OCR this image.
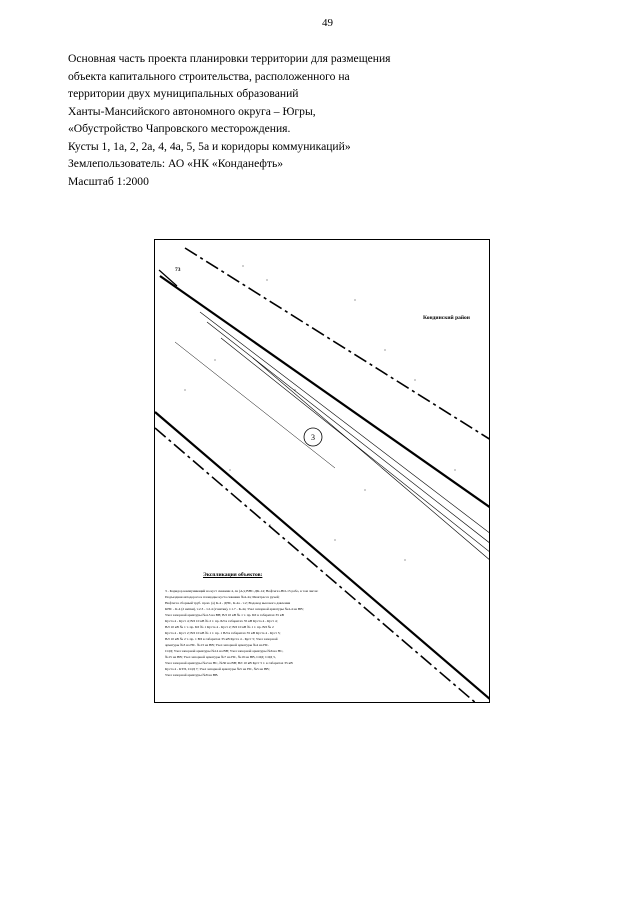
49
Основная часть проекта планировки территории для размещения
объекта капитального строительства, расположенного на
территории двух муниципальных образований
Ханты-Мансийского автономного округа – Югры,
«Обустройство Чапровского месторождения.
Кусты 1, 1а, 2, 2а, 4, 4а, 5, 5а и коридоры коммуникаций»
Землепользователь: АО «НК «Конданефть»
Масштаб 1:2000
3
73
Кондинский район
Экспликация объектов:
3 - Коридор коммуникаций на куст скважин 4, 4а (А/д ВНС-ДК-14; Нефтегаз-НО-15 рабо, в том числе:
Подъездная автодорога к площадке куста скважин №4-4а; Межтрасса ручей;
Нефтегаз сборный труб. проп. (а) К-4 - ДНС, К-4а - т.2; Водовод высокого давления
КНС - К-4 (2 нитки), т.2.3 - т.2.4 (2 нитки), т.1.7 - К-4а; Узел запорной арматуры №4-4 на ВВ;
Узел запорной арматуры №4-5 на ВВ; ВЛ 10 кВ № 1 т. пр. БЛ в габаритах 35 кВ
Куста 4 - Куст 4; ВЛ 10 кВ № 2 т. пр. БЛ в габаритах 35 кВ Куста 4 - Куст 4;
ВЛ 10 кВ № 1 т. пр. БЛ № 1 Куста 4 - Куст 2; ВЛ 10 кВ № 1 т. пр. ВЛ № 2
Куста 4 - Куст 2; ВЛ 10 кВ № 1 т. пр. 1 ВЛ в габаритах 35 кВ Куста 4 - Куст 5;
ВЛ 10 кВ № 2 т. пр. 1 ВЛ в габаритах 35 кВ Куста 4 - Куст 5; Узел запорной
арматуры №3 на НС. №13 на ВВ; Узел запорной арматуры №4 на НС.
СОД; Узел запорной арматуры №14 на ВВ; Узел запорной арматуры №6 на НС,
№15 на ВВ; Узел запорной арматуры №7 на НС, №19 на ВВ, СОД; СОД 5,
Узел запорной арматуры №2 на НС, №30 на ВВ; ВЛ 10 кВ Куст 5 т. в габаритах 35 кВ
Куста 4 - КТП, СОД 7; Узел запорной арматуры №5 на НС, №5 на ВВ;
Узел запорной арматуры №8 на ВВ.
